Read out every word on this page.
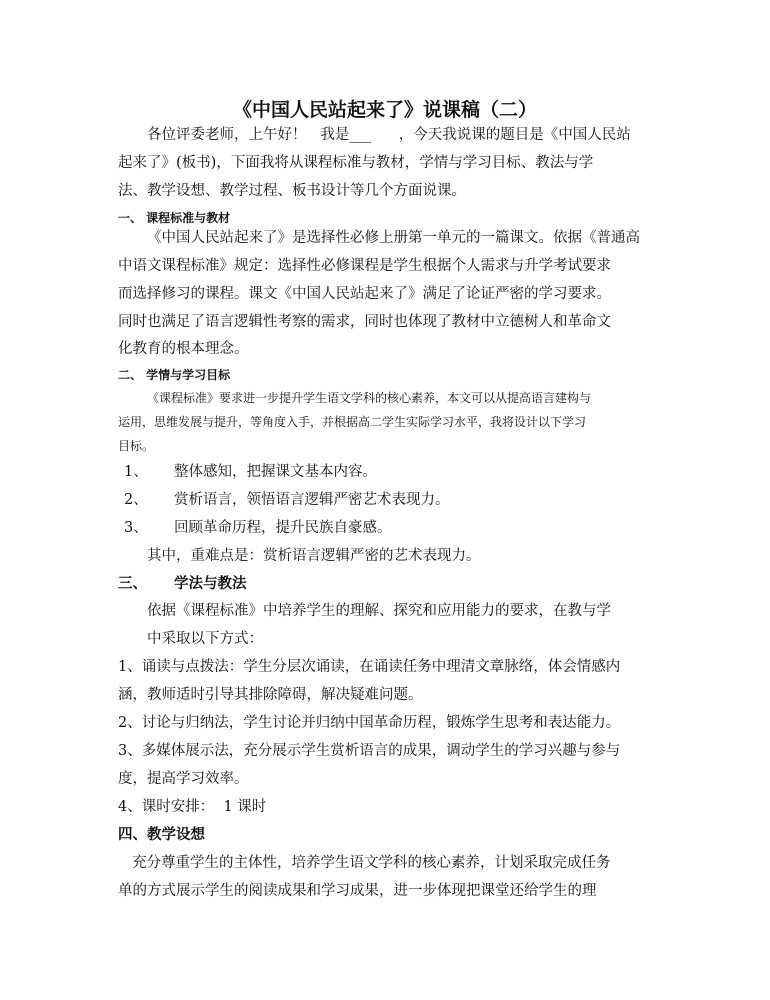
《中国人民站起来了》说课稿（二）
各位评委老师，上午好！   我是___      ，今天我说课的题目是《中国人民站
起来了》(板书)，下面我将从课程标准与教材，学情与学习目标、教法与学
法、教学设想、教学过程、板书设计等几个方面说课。
一、 课程标准与教材
《中国人民站起来了》是选择性必修上册第一单元的一篇课文。依据《普通高
中语文课程标准》规定：选择性必修课程是学生根据个人需求与升学考试要求
而选择修习的课程。课文《中国人民站起来了》满足了论证严密的学习要求。
同时也满足了语言逻辑性考察的需求，同时也体现了教材中立德树人和革命文
化教育的根本理念。
二、 学情与学习目标
《课程标准》要求进一步提升学生语文学科的核心素养，本文可以从提高语言建构与
运用，思维发展与提升，等角度入手，并根据高二学生实际学习水平，我将设计以下学习
目标。
1、 整体感知，把握课文基本内容。
2、 赏析语言，领悟语言逻辑严密艺术表现力。
3、 回顾革命历程，提升民族自豪感。
其中，重难点是：赏析语言逻辑严密的艺术表现力。
三、 学法与教法
依据《课程标准》中培养学生的理解、探究和应用能力的要求，在教与学
中采取以下方式：
1、诵读与点拨法：学生分层次诵读，在诵读任务中理清文章脉络，体会情感内
涵，教师适时引导其排除障碍，解决疑难问题。
2、讨论与归纳法，学生讨论并归纳中国革命历程，锻炼学生思考和表达能力。
3、多媒体展示法，充分展示学生赏析语言的成果，调动学生的学习兴趣与参与
度，提高学习效率。
4、课时安排：  1 课时
四、教学设想
充分尊重学生的主体性，培养学生语文学科的核心素养，计划采取完成任务
单的方式展示学生的阅读成果和学习成果，进一步体现把课堂还给学生的理
